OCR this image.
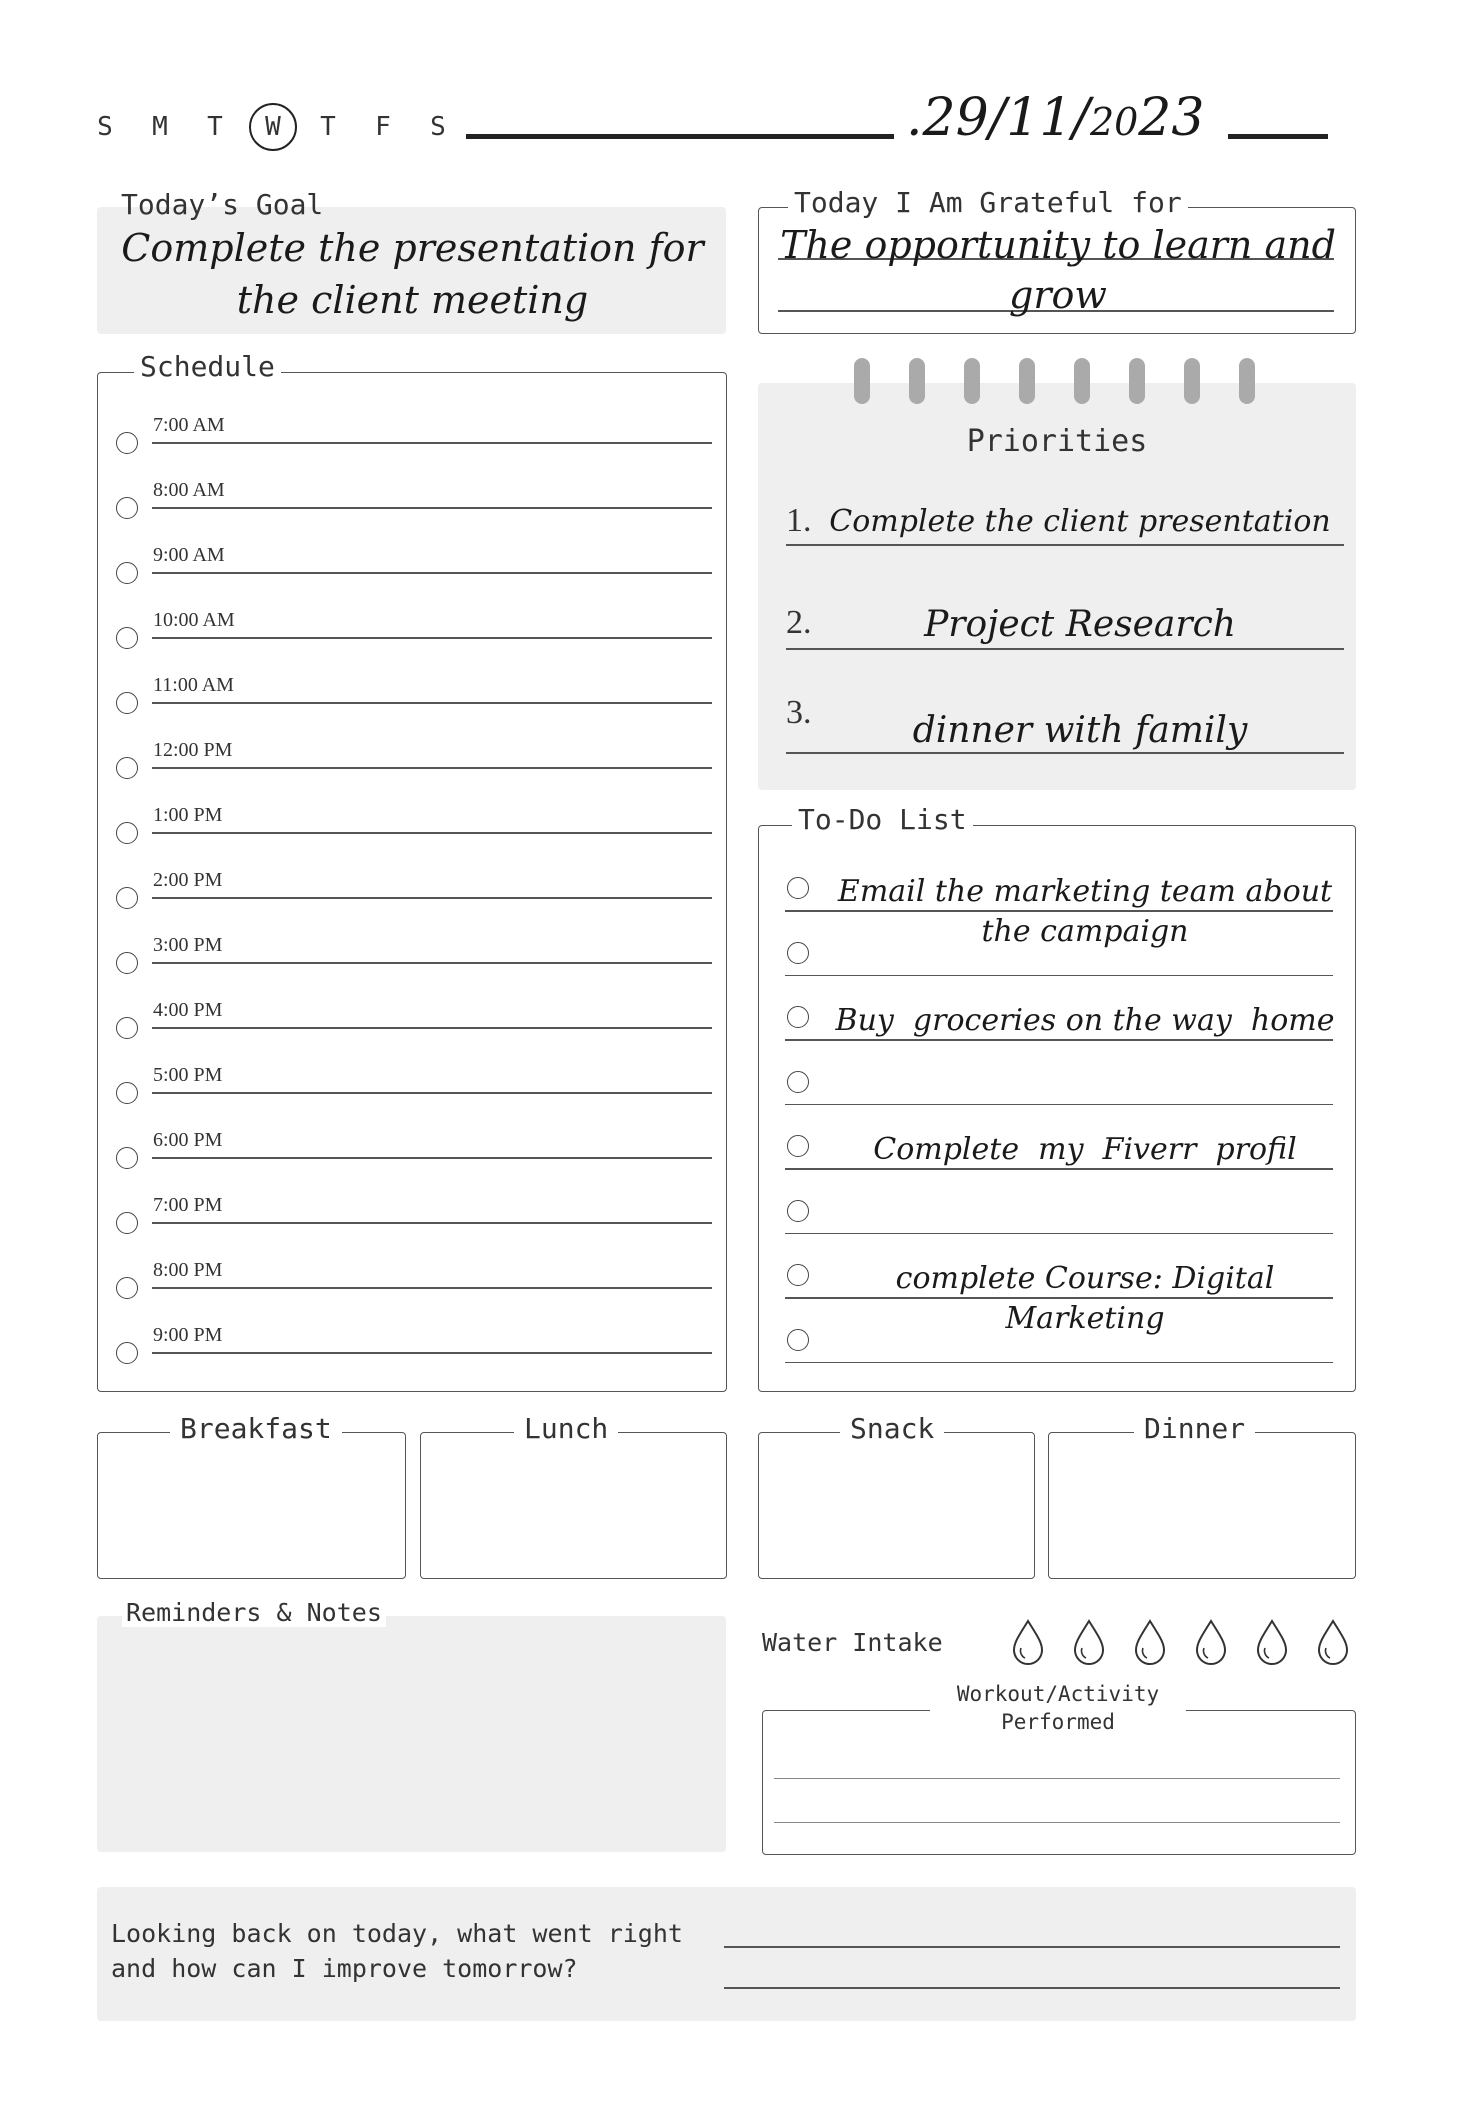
S M T W T F S	.29/11/2023
Today’s Goal
Complete the presentation for the client meeting
Today I Am Grateful for
The opportunity to learn and grow
Schedule
7:00 AM
8:00 AM
9:00 AM
10:00 AM
11:00 AM
12:00 PM
1:00 PM
2:00 PM
3:00 PM
4:00 PM
5:00 PM
6:00 PM
7:00 PM
8:00 PM
9:00 PM
Priorities
1. Complete the client presentation
2.	Project Research
3.	dinner with family
To-Do List
Email the marketing team about the campaign
Buy  groceries on the way  home
Complete  my  Fiverr  profil
complete Course: Digital Marketing
Breakfast	Lunch	Snack	Dinner
Reminders & Notes
Water Intake
Workout/Activity
Performed
Looking back on today, what went right
and how can I improve tomorrow?
